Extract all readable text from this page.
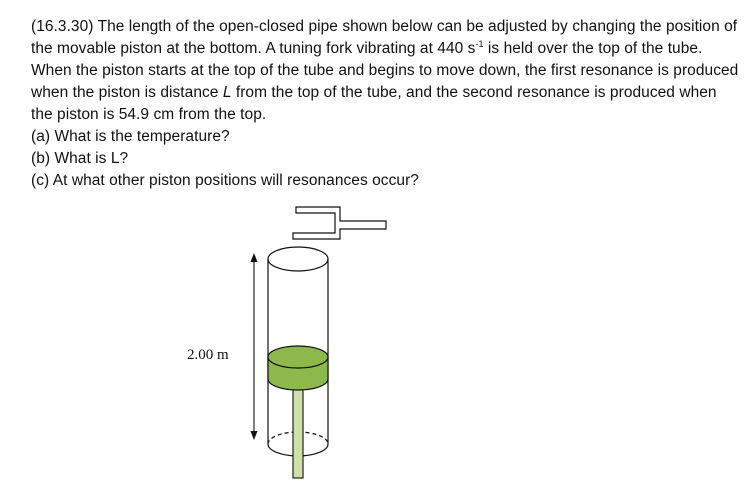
(16.3.30) The length of the open-closed pipe shown below can be adjusted by changing the position of the movable piston at the bottom. A tuning fork vibrating at 440 $s^{-1}$ is held over the top of the tube. When the piston starts at the top of the tube and begins to move down, the first resonance is produced when the piston is distance L from the top of the tube, and the second resonance is produced when the piston is 54.9 cm from the top.

(a) What is the temperature?

(b) What is L?

(c) At what other piston positions will resonances occur?

2.00 m
